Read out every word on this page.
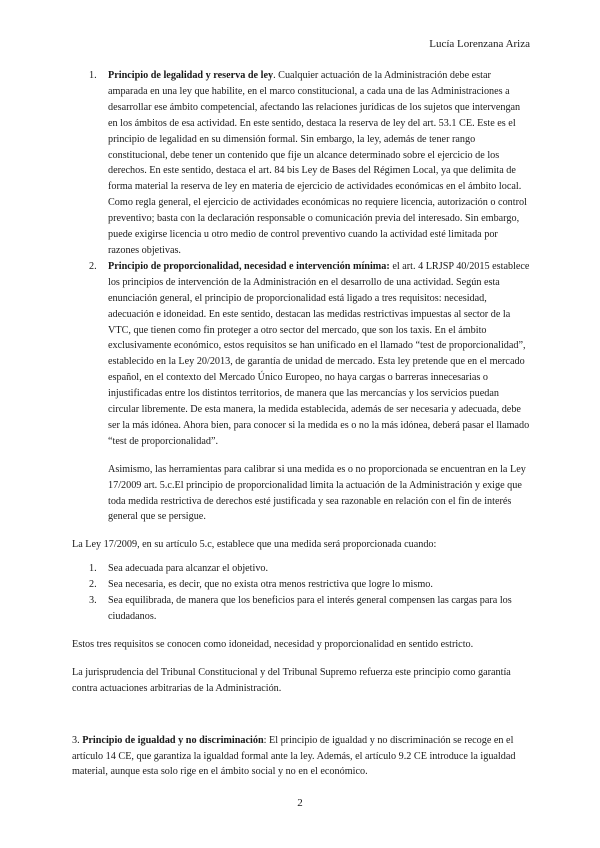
Lucía Lorenzana Ariza
1. Principio de legalidad y reserva de ley. Cualquier actuación de la Administración debe estar amparada en una ley que habilite, en el marco constitucional, a cada una de las Administraciones a desarrollar ese ámbito competencial, afectando las relaciones jurídicas de los sujetos que intervengan en los ámbitos de esa actividad. En este sentido, destaca la reserva de ley del art. 53.1 CE. Este es el principio de legalidad en su dimensión formal. Sin embargo, la ley, además de tener rango constitucional, debe tener un contenido que fije un alcance determinado sobre el ejercicio de los derechos. En este sentido, destaca el art. 84 bis Ley de Bases del Régimen Local, ya que delimita de forma material la reserva de ley en materia de ejercicio de actividades económicas en el ámbito local. Como regla general, el ejercicio de actividades económicas no requiere licencia, autorización o control preventivo; basta con la declaración responsable o comunicación previa del interesado. Sin embargo, puede exigirse licencia u otro medio de control preventivo cuando la actividad esté limitada por razones objetivas.

2. Principio de proporcionalidad, necesidad e intervención mínima: el art. 4 LRJSP 40/2015 establece los principios de intervención de la Administración en el desarrollo de una actividad. Según esta enunciación general, el principio de proporcionalidad está ligado a tres requisitos: necesidad, adecuación e idoneidad. En este sentido, destacan las medidas restrictivas impuestas al sector de la VTC, que tienen como fin proteger a otro sector del mercado, que son los taxis. En el ámbito exclusivamente económico, estos requisitos se han unificado en el llamado “test de proporcionalidad”, establecido en la Ley 20/2013, de garantía de unidad de mercado. Esta ley pretende que en el mercado español, en el contexto del Mercado Único Europeo, no haya cargas o barreras innecesarias o injustificadas entre los distintos territorios, de manera que las mercancías y los servicios puedan circular libremente. De esta manera, la medida establecida, además de ser necesaria y adecuada, debe ser la más idónea. Ahora bien, para conocer si la medida es o no la más idónea, deberá pasar el llamado “test de proporcionalidad”.

Asimismo, las herramientas para calibrar si una medida es o no proporcionada se encuentran en la Ley 17/2009 art. 5.c.El principio de proporcionalidad limita la actuación de la Administración y exige que toda medida restrictiva de derechos esté justificada y sea razonable en relación con el fin de interés general que se persigue.

La Ley 17/2009, en su artículo 5.c, establece que una medida será proporcionada cuando:

1. Sea adecuada para alcanzar el objetivo.
2. Sea necesaria, es decir, que no exista otra menos restrictiva que logre lo mismo.
3. Sea equilibrada, de manera que los beneficios para el interés general compensen las cargas para los ciudadanos.

Estos tres requisitos se conocen como idoneidad, necesidad y proporcionalidad en sentido estricto.

La jurisprudencia del Tribunal Constitucional y del Tribunal Supremo refuerza este principio como garantía contra actuaciones arbitrarias de la Administración.

3. Principio de igualdad y no discriminación: El principio de igualdad y no discriminación se recoge en el artículo 14 CE, que garantiza la igualdad formal ante la ley. Además, el artículo 9.2 CE introduce la igualdad material, aunque esta solo rige en el ámbito social y no en el económico.

2
